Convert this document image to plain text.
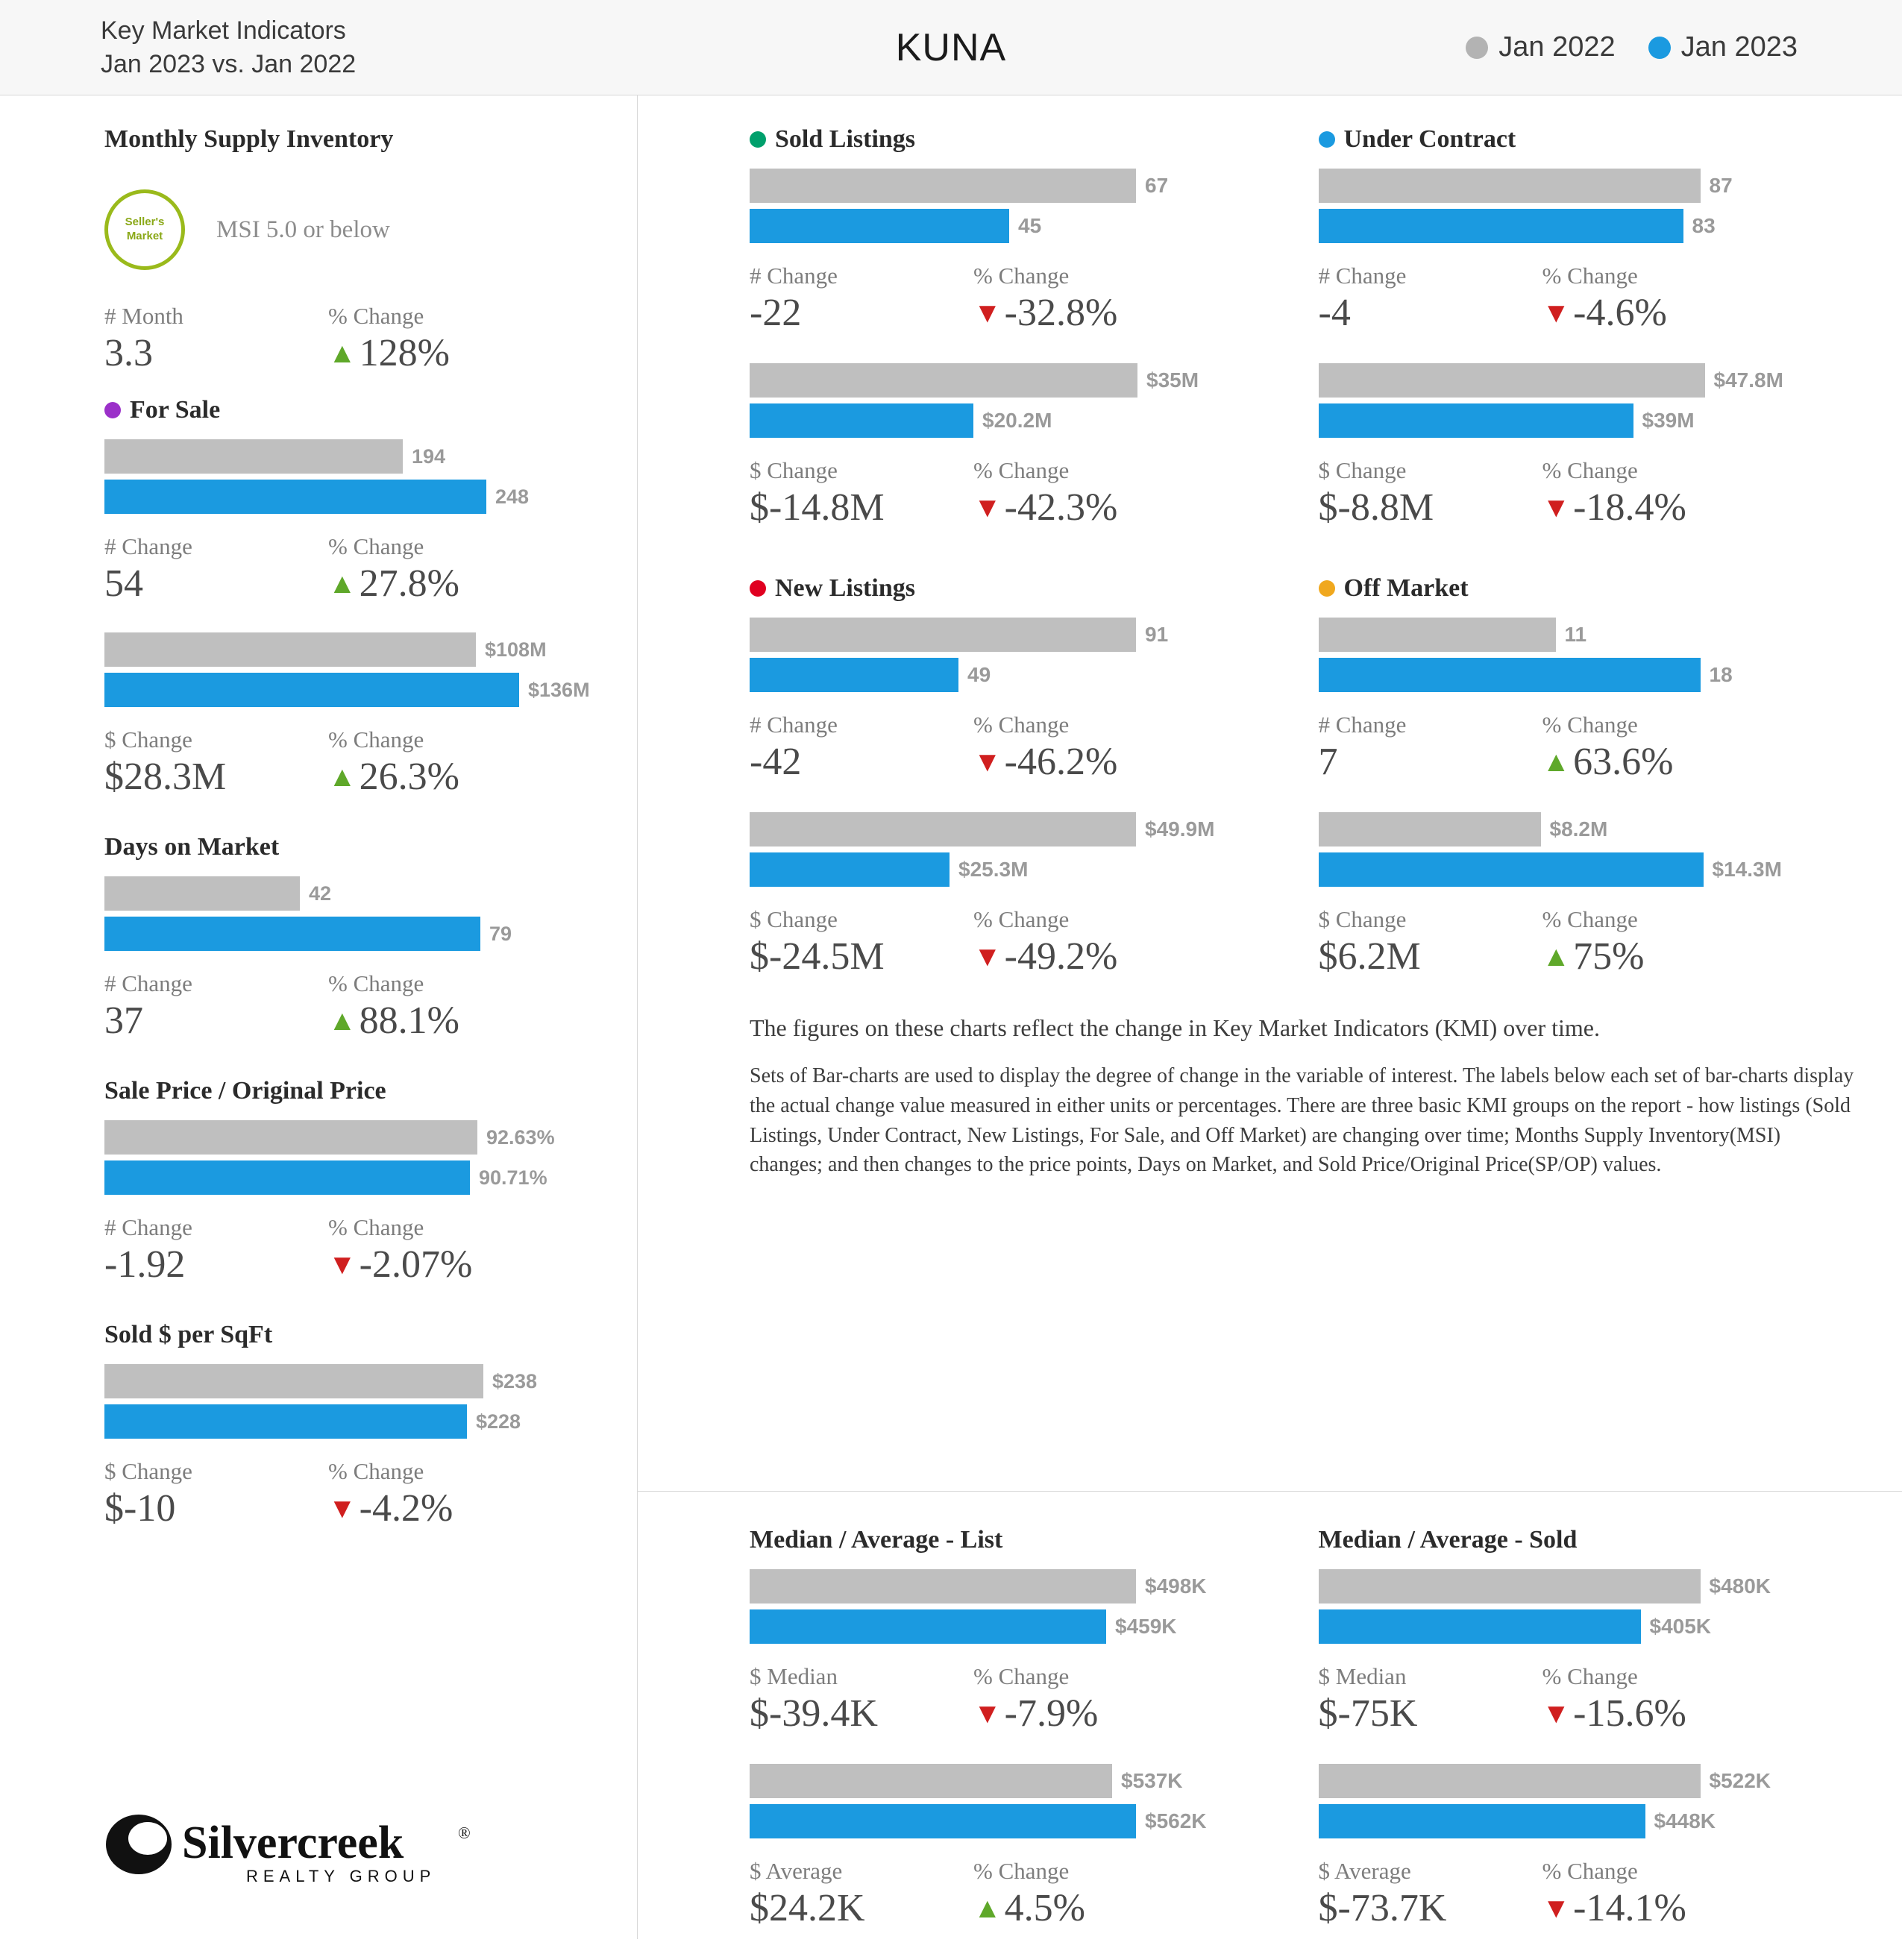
Key Market Indicators
Jan 2023 vs. Jan 2022	KUNA	Jan 2022 Jan 2023
Monthly Supply Inventory
Seller's
Market MSI 5.0 or below
# Month	% Change
3.3	▲ 128%
For Sale
194
248
# Change	% Change
54	▲ 27.8%
$108M
$136M
$ Change	% Change
$28.3M	▲ 26.3%
Days on Market
42
79
# Change	% Change
37	▲ 88.1%
Sale Price / Original Price
92.63%
90.71%
# Change	% Change
-1.92	▼ -2.07%
Sold $ per SqFt
$238
$228
$ Change	% Change
$-10	▼ -4.2%
Silvercreek	®
REALTY GROUP
Sold Listings
67
45
# Change	% Change
-22	▼ -32.8%
$35M
$20.2M
$ Change	% Change
$-14.8M	▼ -42.3%
Under Contract
87
83
# Change	% Change
-4	▼ -4.6%
$47.8M
$39M
$ Change	% Change
$-8.8M	▼ -18.4%
New Listings
91
49
# Change	% Change
-42	▼ -46.2%
$49.9M
$25.3M
$ Change	% Change
$-24.5M	▼ -49.2%
Off Market
11
18
# Change	% Change
7	▲ 63.6%
$8.2M
$14.3M
$ Change	% Change
$6.2M	▲ 75%
The figures on these charts reflect the change in Key Market Indicators (KMI) over time.
Sets of Bar-charts are used to display the degree of change in the variable of interest. The labels below each set of bar-charts display the actual change value measured in either units or percentages. There are three basic KMI groups on the report - how listings (Sold Listings, Under Contract, New Listings, For Sale, and Off Market) are changing over time; Months Supply Inventory(MSI) changes; and then changes to the price points, Days on Market, and Sold Price/Original Price(SP/OP) values.
Median / Average - List
$498K
$459K
$ Median	% Change
$-39.4K	▼ -7.9%
$537K
$562K
$ Average	% Change
$24.2K	▲ 4.5%
Median / Average - Sold
$480K
$405K
$ Median	% Change
$-75K	▼ -15.6%
$522K
$448K
$ Average	% Change
$-73.7K	▼ -14.1%
